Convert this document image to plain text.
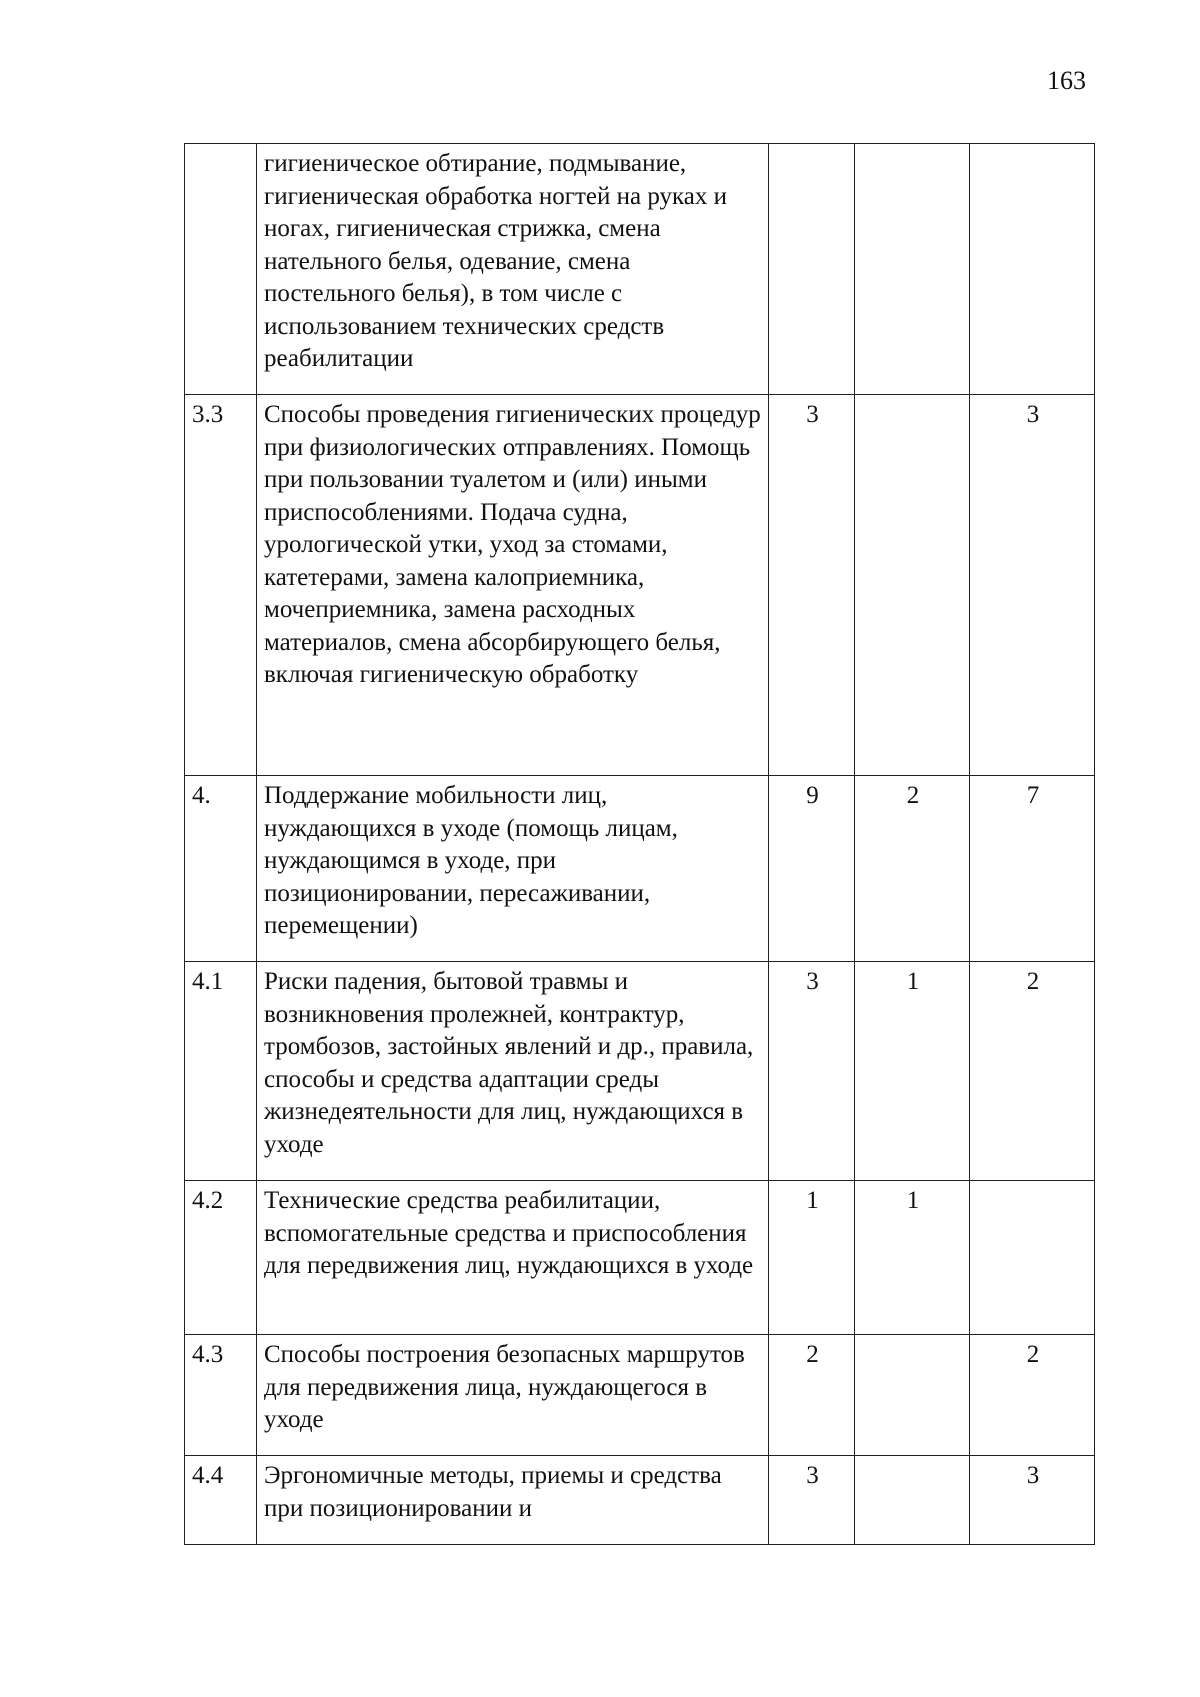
163
	гигиеническое обтирание, подмывание, гигиеническая обработка ногтей на руках и ногах, гигиеническая стрижка, смена нательного белья, одевание, смена постельного белья), в том числе с использованием технических средств реабилитации			
3.3	Способы проведения гигиенических процедур при физиологических отправлениях. Помощь при пользовании туалетом и (или) иными приспособлениями. Подача судна, урологической утки, уход за стомами, катетерами, замена калоприемника, мочеприемника, замена расходных материалов, смена абсорбирующего белья, включая гигиеническую обработку	3		3
4.	Поддержание мобильности лиц, нуждающихся в уходе (помощь лицам, нуждающимся в уходе, при позиционировании, пересаживании, перемещении)	9	2	7
4.1	Риски падения, бытовой травмы и возникновения пролежней, контрактур, тромбозов, застойных явлений и др., правила, способы и средства адаптации среды жизнедеятельности для лиц, нуждающихся в уходе	3	1	2
4.2	Технические средства реабилитации, вспомогательные средства и приспособления для передвижения лиц, нуждающихся в уходе	1	1	
4.3	Способы построения безопасных маршрутов для передвижения лица, нуждающегося в уходе	2		2
4.4	Эргономичные методы, приемы и средства при позиционировании и	3		3
